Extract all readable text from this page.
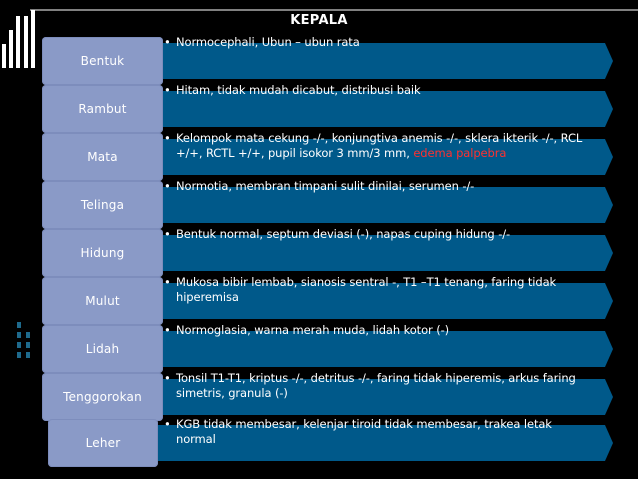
KEPALA
Bentuk
• Normocephali, Ubun – ubun rata
Rambut
• Hitam, tidak mudah dicabut, distribusi baik
Mata
• Kelompok mata cekung -/-, konjungtiva anemis -/-, sklera ikterik -/-, RCL +/+, RCTL +/+, pupil isokor 3 mm/3 mm, edema palpebra
Telinga
• Normotia, membran timpani sulit dinilai, serumen -/-
Hidung
• Bentuk normal, septum deviasi (-), napas cuping hidung -/-
Mulut
• Mukosa bibir lembab, sianosis sentral -, T1 –T1 tenang, faring tidak hiperemisa
Lidah
• Normoglasia, warna merah muda, lidah kotor (-)
Tenggorokan
• Tonsil T1-T1, kriptus -/-, detritus -/-, faring tidak hiperemis, arkus faring simetris, granula (-)
Leher
• KGB tidak membesar, kelenjar tiroid tidak membesar, trakea letak normal
